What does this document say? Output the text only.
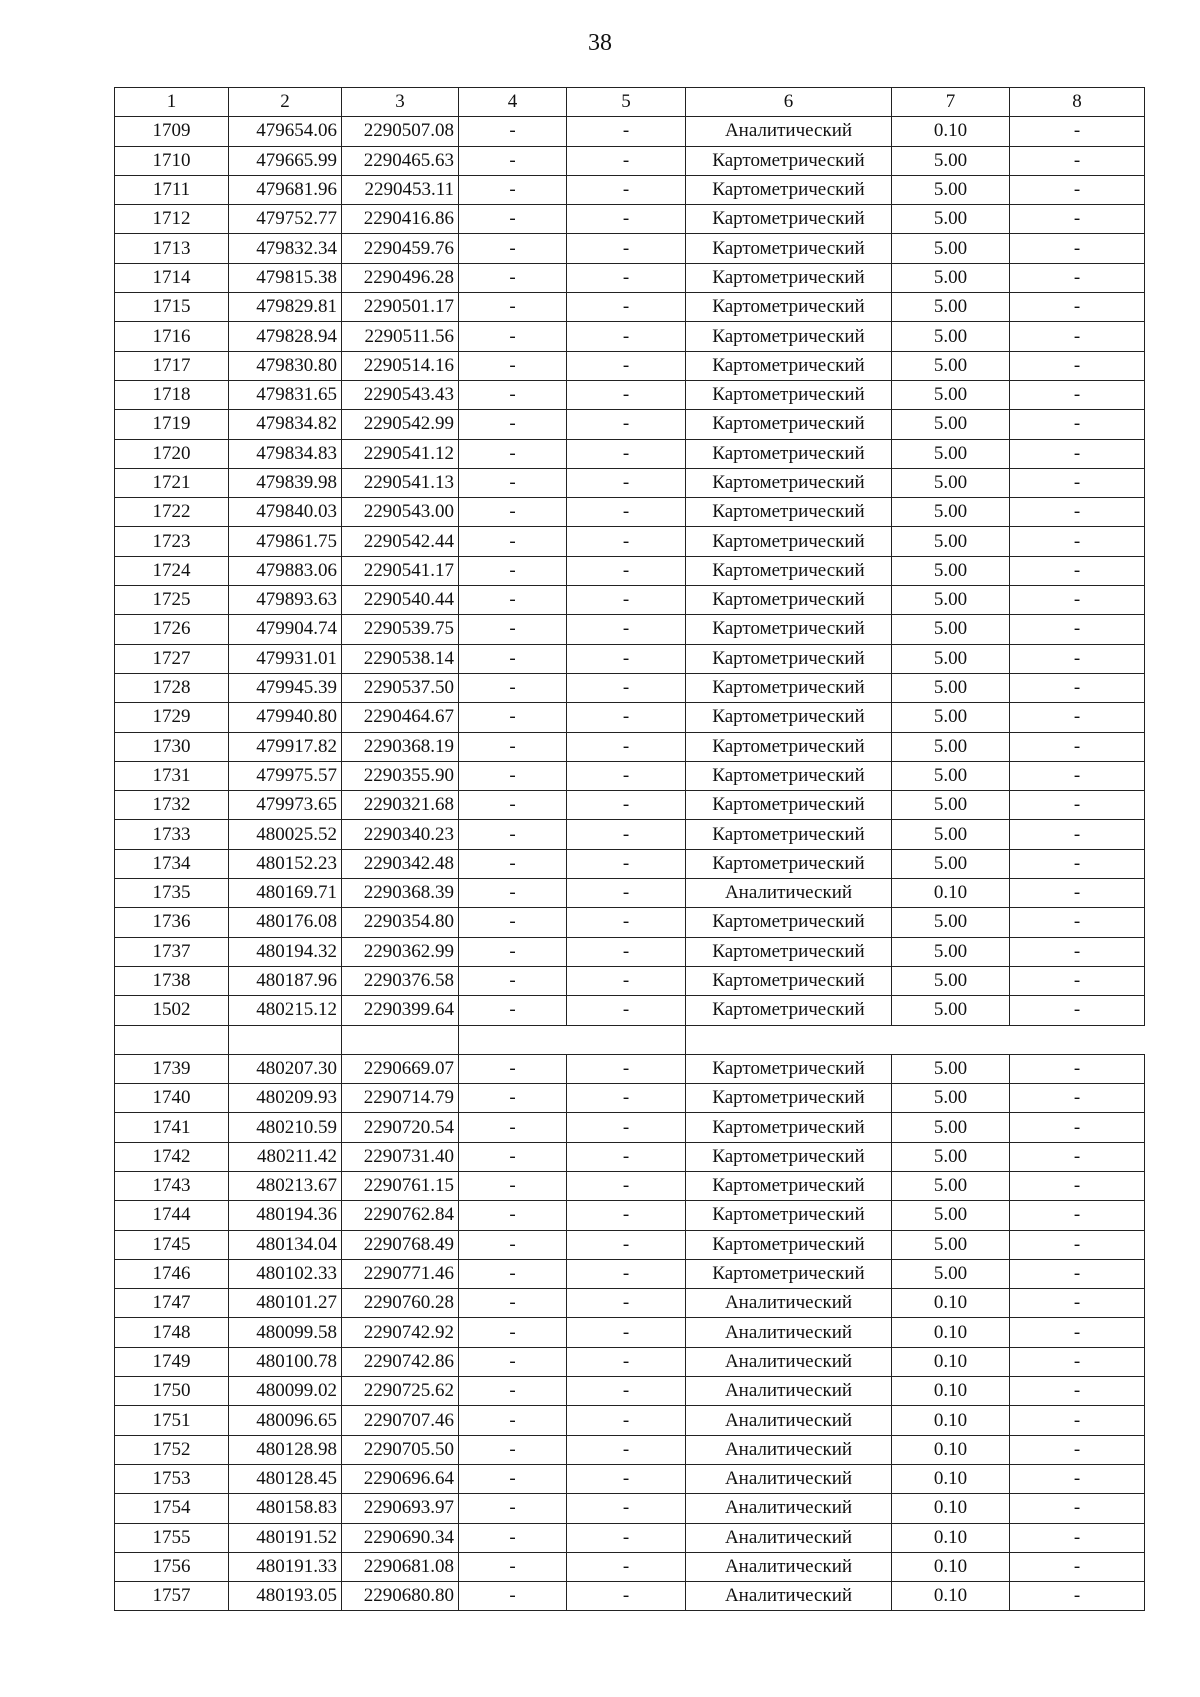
38
1	2	3	4	5	6	7	8
1709	479654.06	2290507.08	-	-	Аналитический	0.10	-
1710	479665.99	2290465.63	-	-	Картометрический	5.00	-
1711	479681.96	2290453.11	-	-	Картометрический	5.00	-
1712	479752.77	2290416.86	-	-	Картометрический	5.00	-
1713	479832.34	2290459.76	-	-	Картометрический	5.00	-
1714	479815.38	2290496.28	-	-	Картометрический	5.00	-
1715	479829.81	2290501.17	-	-	Картометрический	5.00	-
1716	479828.94	2290511.56	-	-	Картометрический	5.00	-
1717	479830.80	2290514.16	-	-	Картометрический	5.00	-
1718	479831.65	2290543.43	-	-	Картометрический	5.00	-
1719	479834.82	2290542.99	-	-	Картометрический	5.00	-
1720	479834.83	2290541.12	-	-	Картометрический	5.00	-
1721	479839.98	2290541.13	-	-	Картометрический	5.00	-
1722	479840.03	2290543.00	-	-	Картометрический	5.00	-
1723	479861.75	2290542.44	-	-	Картометрический	5.00	-
1724	479883.06	2290541.17	-	-	Картометрический	5.00	-
1725	479893.63	2290540.44	-	-	Картометрический	5.00	-
1726	479904.74	2290539.75	-	-	Картометрический	5.00	-
1727	479931.01	2290538.14	-	-	Картометрический	5.00	-
1728	479945.39	2290537.50	-	-	Картометрический	5.00	-
1729	479940.80	2290464.67	-	-	Картометрический	5.00	-
1730	479917.82	2290368.19	-	-	Картометрический	5.00	-
1731	479975.57	2290355.90	-	-	Картометрический	5.00	-
1732	479973.65	2290321.68	-	-	Картометрический	5.00	-
1733	480025.52	2290340.23	-	-	Картометрический	5.00	-
1734	480152.23	2290342.48	-	-	Картометрический	5.00	-
1735	480169.71	2290368.39	-	-	Аналитический	0.10	-
1736	480176.08	2290354.80	-	-	Картометрический	5.00	-
1737	480194.32	2290362.99	-	-	Картометрический	5.00	-
1738	480187.96	2290376.58	-	-	Картометрический	5.00	-
1502	480215.12	2290399.64	-	-	Картометрический	5.00	-

1739	480207.30	2290669.07	-	-	Картометрический	5.00	-
1740	480209.93	2290714.79	-	-	Картометрический	5.00	-
1741	480210.59	2290720.54	-	-	Картометрический	5.00	-
1742	480211.42	2290731.40	-	-	Картометрический	5.00	-
1743	480213.67	2290761.15	-	-	Картометрический	5.00	-
1744	480194.36	2290762.84	-	-	Картометрический	5.00	-
1745	480134.04	2290768.49	-	-	Картометрический	5.00	-
1746	480102.33	2290771.46	-	-	Картометрический	5.00	-
1747	480101.27	2290760.28	-	-	Аналитический	0.10	-
1748	480099.58	2290742.92	-	-	Аналитический	0.10	-
1749	480100.78	2290742.86	-	-	Аналитический	0.10	-
1750	480099.02	2290725.62	-	-	Аналитический	0.10	-
1751	480096.65	2290707.46	-	-	Аналитический	0.10	-
1752	480128.98	2290705.50	-	-	Аналитический	0.10	-
1753	480128.45	2290696.64	-	-	Аналитический	0.10	-
1754	480158.83	2290693.97	-	-	Аналитический	0.10	-
1755	480191.52	2290690.34	-	-	Аналитический	0.10	-
1756	480191.33	2290681.08	-	-	Аналитический	0.10	-
1757	480193.05	2290680.80	-	-	Аналитический	0.10	-
